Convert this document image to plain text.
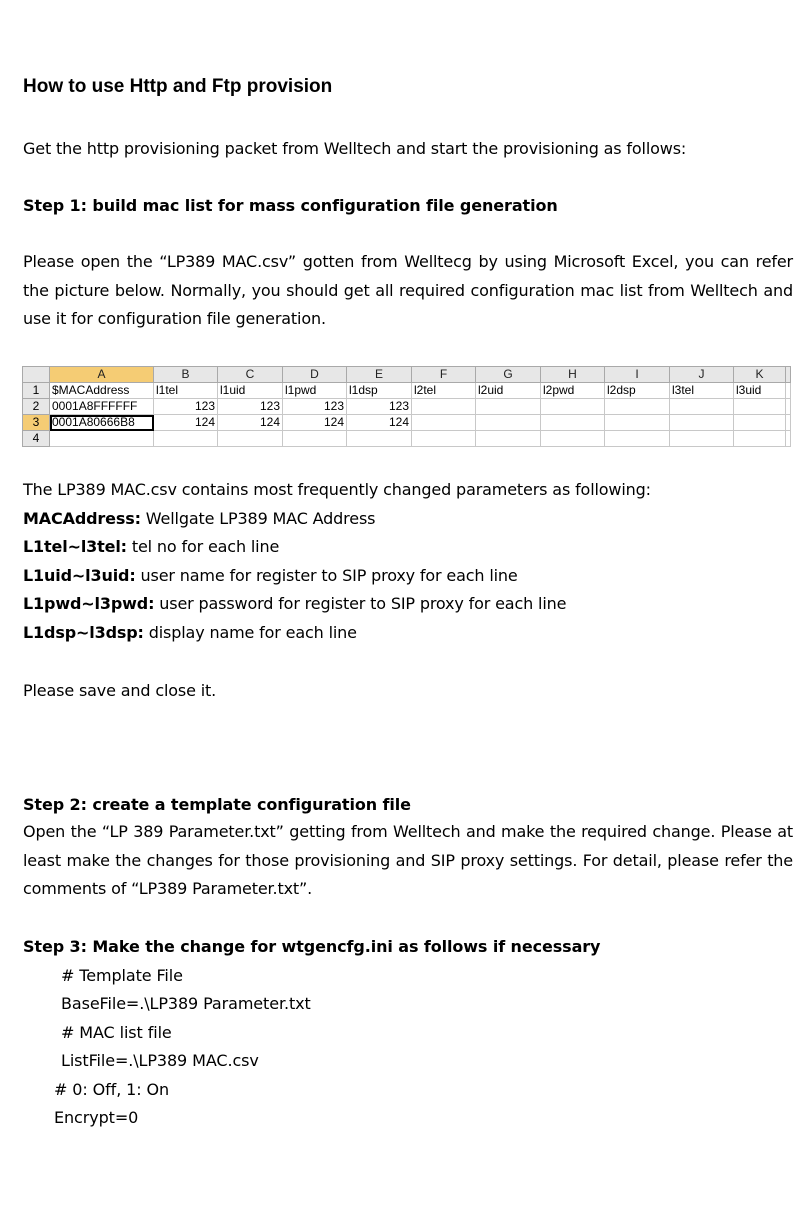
How to use Http and Ftp provision
Get the http provisioning packet from Welltech and start the provisioning as follows:
Step 1: build mac list for mass configuration file generation
Please open the “LP389 MAC.csv” gotten from Welltecg by using Microsoft Excel, you can refer the picture below. Normally, you should get all required configuration mac list from Welltech and use it for configuration file generation.
	A	B	C	D	E	F	G	H	I	J	K	
1	$MACAddress	l1tel	l1uid	l1pwd	l1dsp	l2tel	l2uid	l2pwd	l2dsp	l3tel	l3uid	
2	0001A8FFFFFF	123	123	123	123							
3	0001A80666B8	124	124	124	124							
4												
The LP389 MAC.csv contains most frequently changed parameters as following:
MACAddress: Wellgate LP389 MAC Address
L1tel~l3tel: tel no for each line
L1uid~l3uid: user name for register to SIP proxy for each line
L1pwd~l3pwd: user password for register to SIP proxy for each line
L1dsp~l3dsp: display name for each line
Please save and close it.
Step 2: create a template configuration file
Open the “LP 389 Parameter.txt” getting from Welltech and make the required change. Please at least make the changes for those provisioning and SIP proxy settings. For detail, please refer the comments of “LP389 Parameter.txt”.
Step 3: Make the change for wtgencfg.ini as follows if necessary
# Template File
BaseFile=.\LP389 Parameter.txt
# MAC list file
ListFile=.\LP389 MAC.csv
# 0: Off, 1: On
Encrypt=0
